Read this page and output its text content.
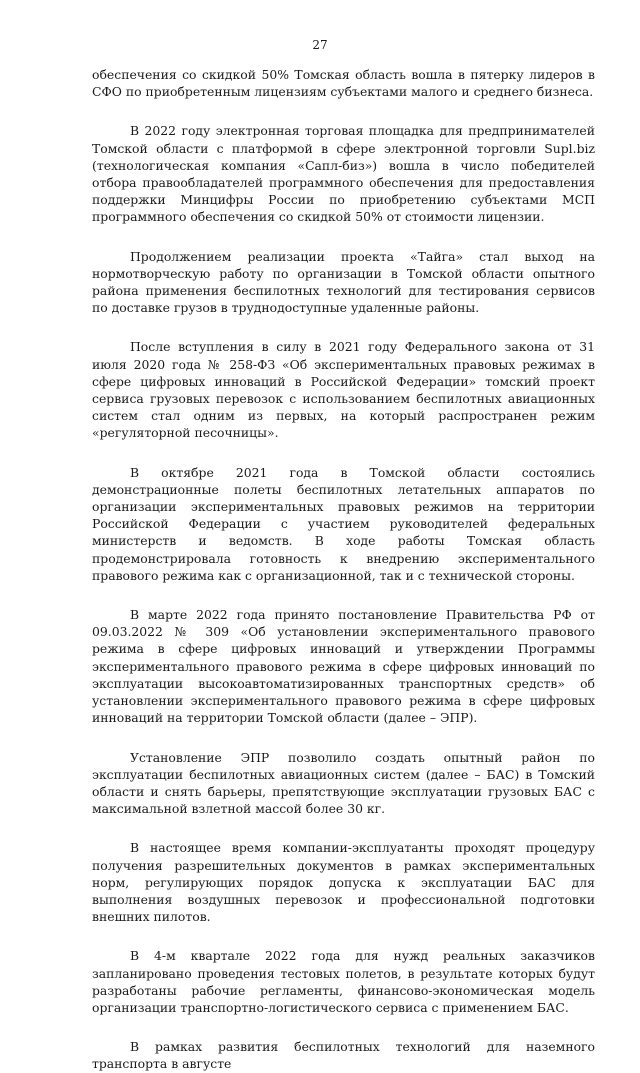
27

обеспечения со скидкой 50% Томская область вошла в пятерку лидеров в СФО по приобретенным лицензиям субъектами малого и среднего бизнеса.

В 2022 году электронная торговая площадка для предпринимателей Томской области с платформой в сфере электронной торговли Supl.biz (технологическая компания «Сапл-биз») вошла в число победителей отбора правообладателей программного обеспечения для предоставления поддержки Минцифры России по приобретению субъектами МСП программного обеспечения со скидкой 50% от стоимости лицензии.

Продолжением реализации проекта «Тайга» стал выход на нормотворческую работу по организации в Томской области опытного района применения беспилотных технологий для тестирования сервисов по доставке грузов в труднодоступные удаленные районы.

После вступления в силу в 2021 году Федерального закона от 31 июля 2020 года № 258-ФЗ «Об экспериментальных правовых режимах в сфере цифровых инноваций в Российской Федерации» томский проект сервиса грузовых перевозок с использованием беспилотных авиационных систем стал одним из первых, на который распространен режим «регуляторной песочницы».

В октябре 2021 года в Томской области состоялись демонстрационные полеты беспилотных летательных аппаратов по организации экспериментальных правовых режимов на территории Российской Федерации с участием руководителей федеральных министерств и ведомств. В ходе работы Томская область продемонстрировала готовность к внедрению экспериментального правового режима как с организационной, так и с технической стороны.

В марте 2022 года принято постановление Правительства РФ от 09.03.2022 № 309 «Об установлении экспериментального правового режима в сфере цифровых инноваций и утверждении Программы экспериментального правового режима в сфере цифровых инноваций по эксплуатации высокоавтоматизированных транспортных средств» об установлении экспериментального правового режима в сфере цифровых инноваций на территории Томской области (далее – ЭПР).

Установление ЭПР позволило создать опытный район по эксплуатации беспилотных авиационных систем (далее – БАС) в Томский области и снять барьеры, препятствующие эксплуатации грузовых БАС с максимальной взлетной массой более 30 кг.

В настоящее время компании-эксплуатанты проходят процедуру получения разрешительных документов в рамках экспериментальных норм, регулирующих порядок допуска к эксплуатации БАС для выполнения воздушных перевозок и профессиональной подготовки внешних пилотов.

В 4-м квартале 2022 года для нужд реальных заказчиков запланировано проведения тестовых полетов, в результате которых будут разработаны рабочие регламенты, финансово-экономическая модель организации транспортно-логистического сервиса с применением БАС.

В рамках развития беспилотных технологий для наземного транспорта в августе
